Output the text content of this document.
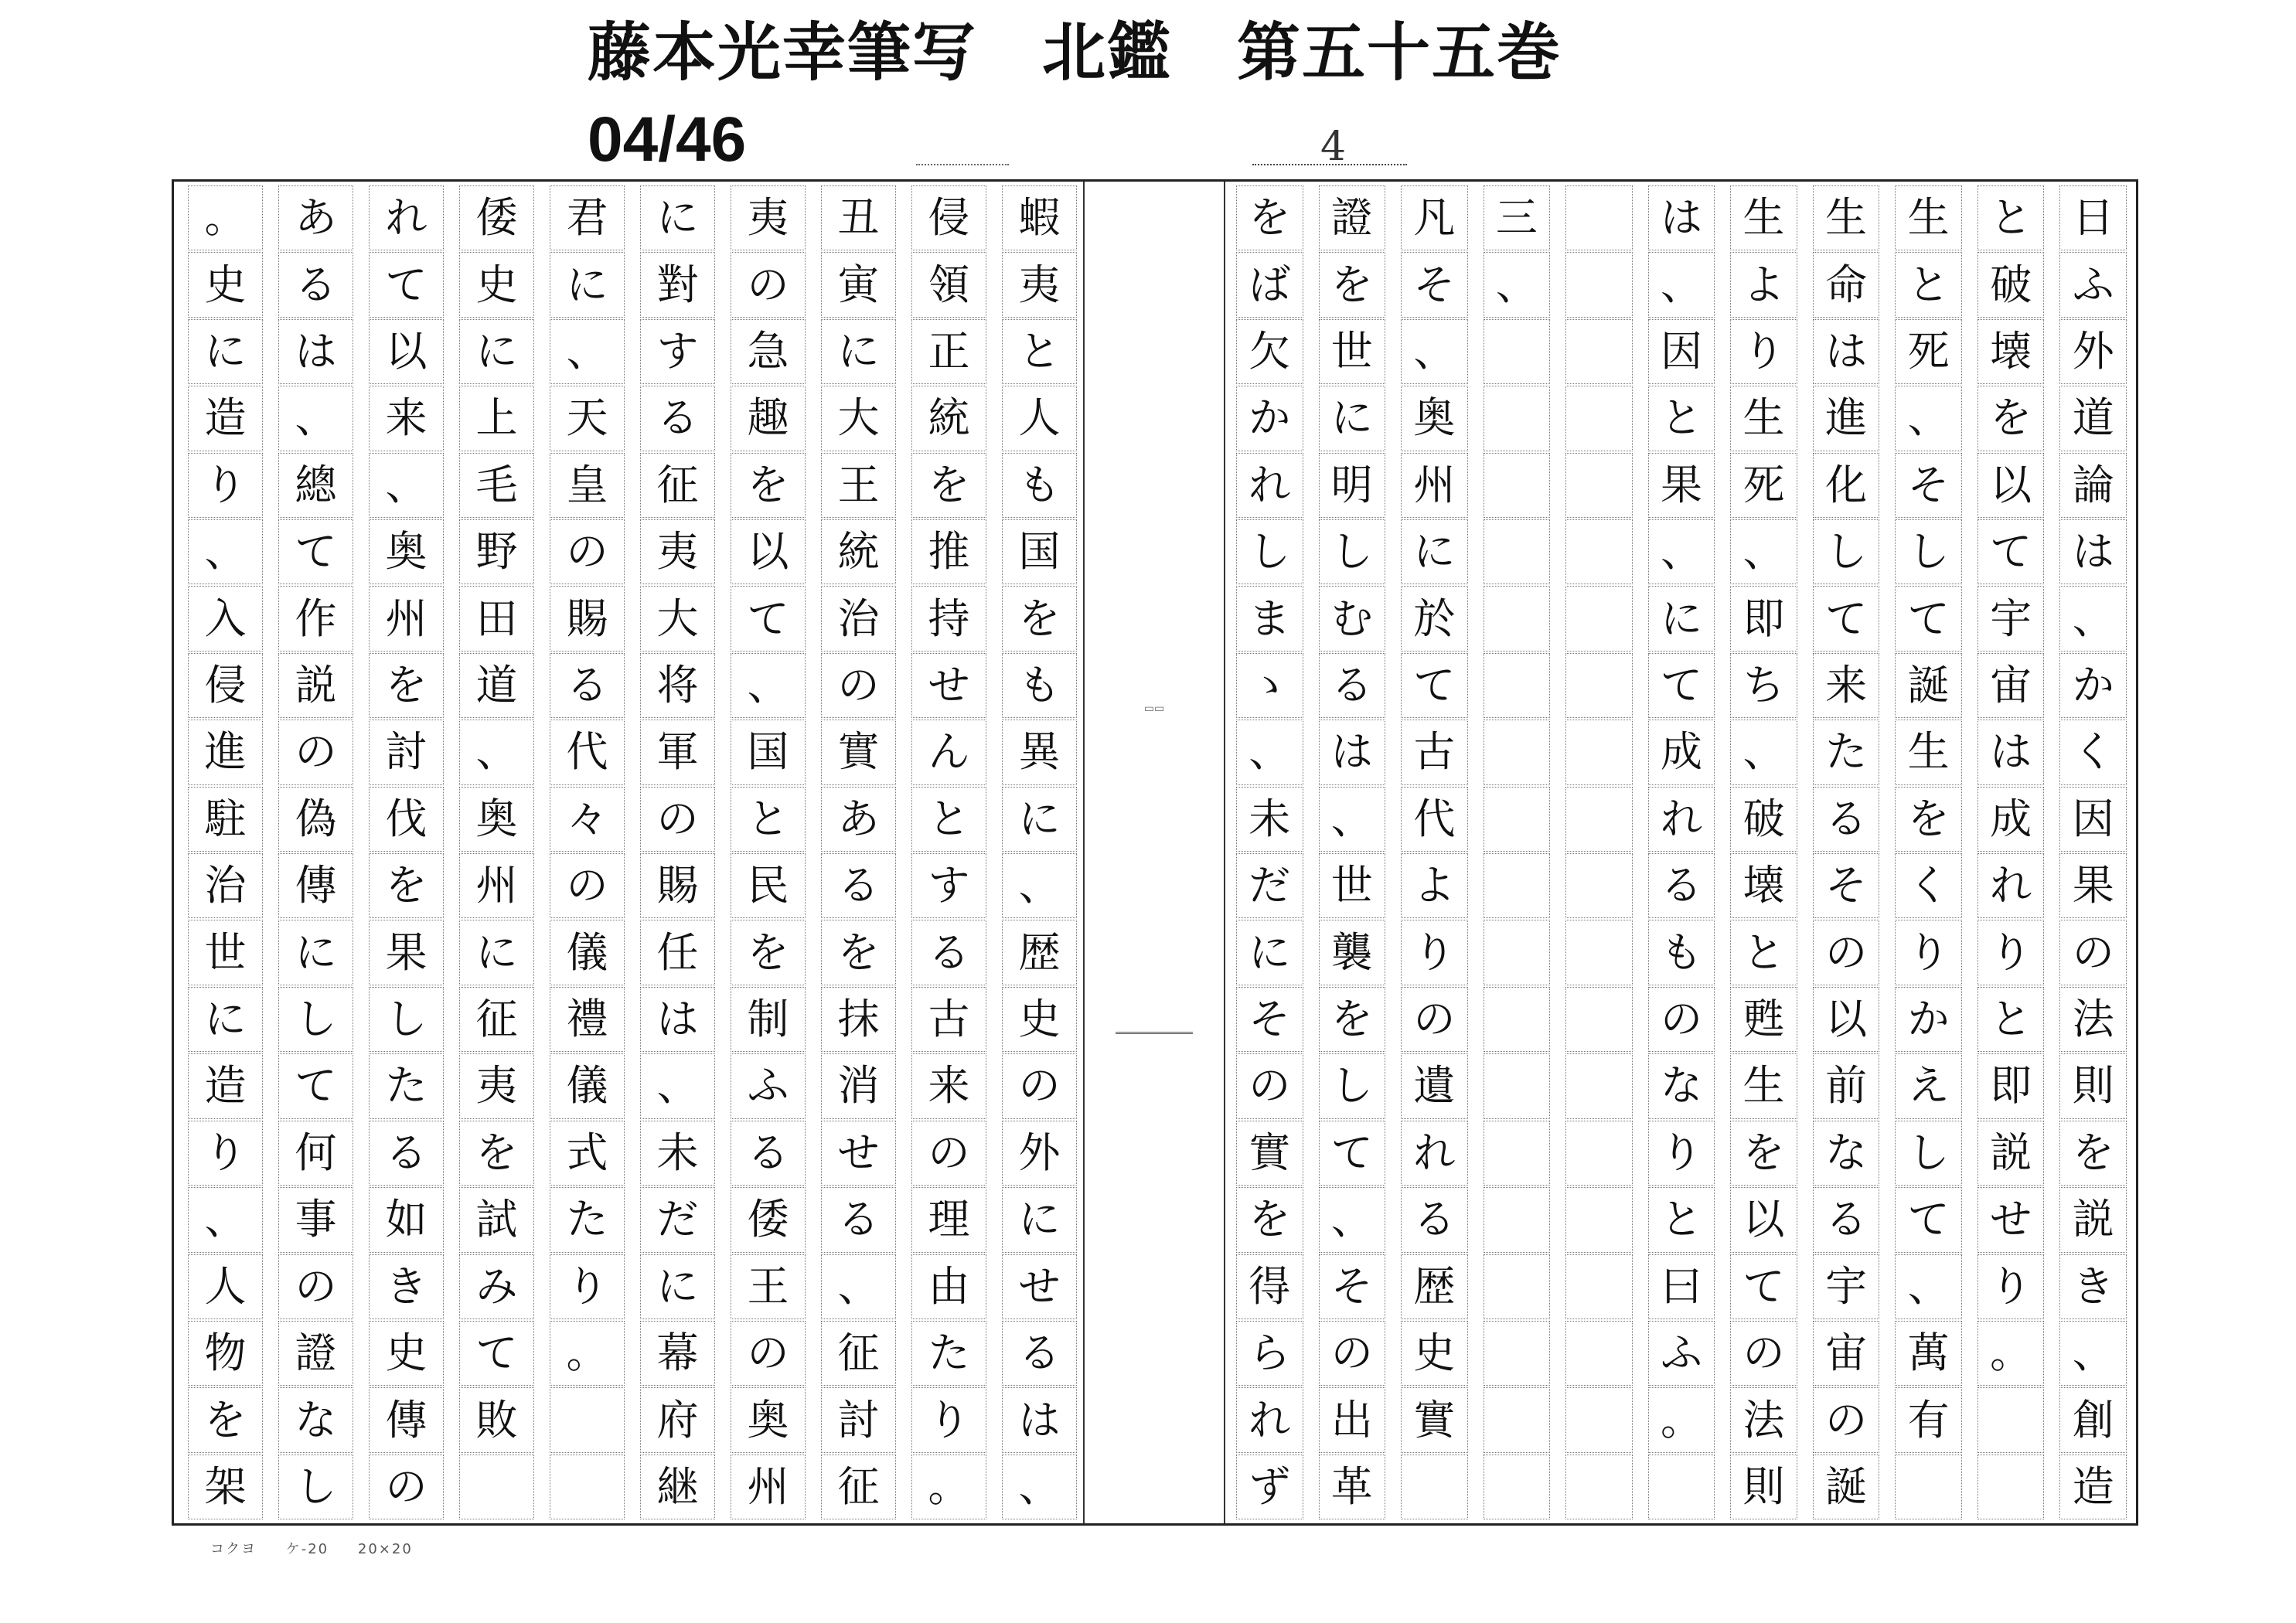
藤本光幸筆写　北鑑　第五十五巻
04/46	4
日
ふ
外
道
論
は
、
か
く
因
果
の
法
則
を
説
き
、
創
造
と
破
壊
を
以
て
宇
宙
は
成
れ
り
と
即
説
せ
り
。
生
と
死
、
そ
し
て
誕
生
を
く
り
か
え
し
て
、
萬
有
生
命
は
進
化
し
て
来
た
る
そ
の
以
前
な
る
宇
宙
の
誕
生
よ
り
生
死
、
即
ち
、
破
壊
と
甦
生
を
以
て
の
法
則
は
、
因
と
果
、
に
て
成
れ
る
も
の
な
り
と
曰
ふ
。
三
、
凡
そ
、
奥
州
に
於
て
古
代
よ
り
の
遺
れ
る
歴
史
實
證
を
世
に
明
し
む
る
は
、
世
襲
を
し
て
、
そ
の
出
革
を
ば
欠
か
れ
し
ま
ゝ
、
未
だ
に
そ
の
實
を
得
ら
れ
ず
▭▭
蝦
夷
と
人
も
国
を
も
異
に
、
歴
史
の
外
に
せ
る
は
、
侵
領
正
統
を
推
持
せ
ん
と
す
る
古
来
の
理
由
た
り
。
丑
寅
に
大
王
統
治
の
實
あ
る
を
抹
消
せ
る
、
征
討
征
夷
の
急
趣
を
以
て
、
国
と
民
を
制
ふ
る
倭
王
の
奥
州
に
對
す
る
征
夷
大
将
軍
の
賜
任
は
、
未
だ
に
幕
府
継
君
に
、
天
皇
の
賜
る
代
々
の
儀
禮
儀
式
た
り
。
倭
史
に
上
毛
野
田
道
、
奥
州
に
征
夷
を
試
み
て
敗
れ
て
以
来
、
奥
州
を
討
伐
を
果
し
た
る
如
き
史
傳
の
あ
る
は
、
總
て
作
説
の
偽
傳
に
し
て
何
事
の
證
な
し
。
史
に
造
り
、
入
侵
進
駐
治
世
に
造
り
、
人
物
を
架
コクヨ ケ-20 20×20
